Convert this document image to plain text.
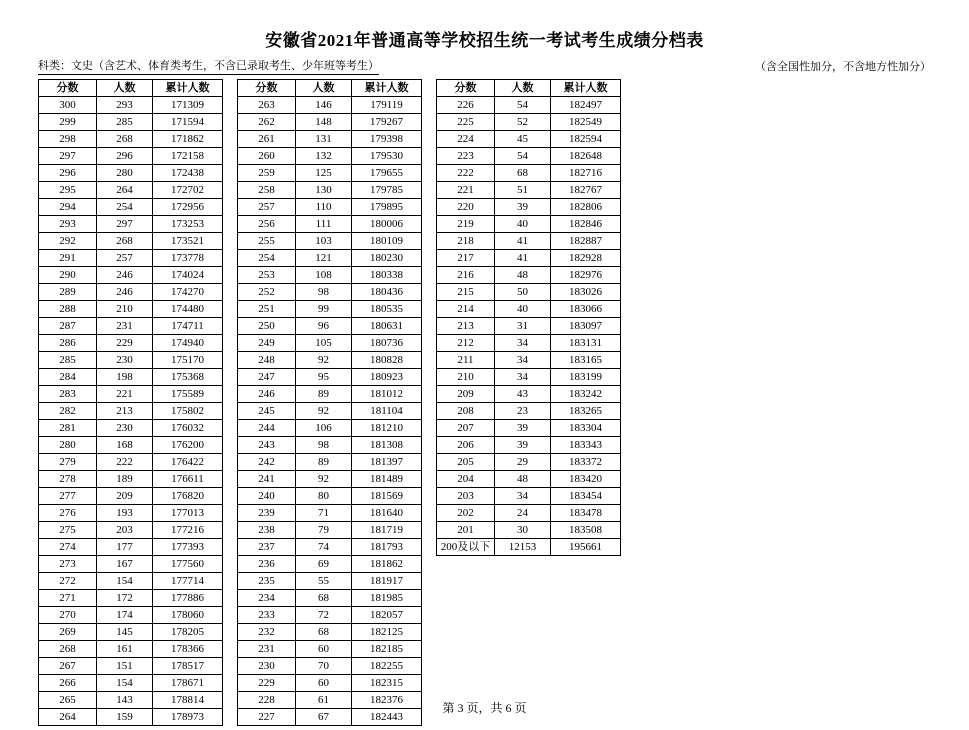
安徽省2021年普通高等学校招生统一考试考生成绩分档表
科类：文史（含艺术、体育类考生，不含已录取考生、少年班等考生）	（含全国性加分，不含地方性加分）
分数	人数	累计人数
300	293	171309
299	285	171594
298	268	171862
297	296	172158
296	280	172438
295	264	172702
294	254	172956
293	297	173253
292	268	173521
291	257	173778
290	246	174024
289	246	174270
288	210	174480
287	231	174711
286	229	174940
285	230	175170
284	198	175368
283	221	175589
282	213	175802
281	230	176032
280	168	176200
279	222	176422
278	189	176611
277	209	176820
276	193	177013
275	203	177216
274	177	177393
273	167	177560
272	154	177714
271	172	177886
270	174	178060
269	145	178205
268	161	178366
267	151	178517
266	154	178671
265	143	178814
264	159	178973
分数	人数	累计人数
263	146	179119
262	148	179267
261	131	179398
260	132	179530
259	125	179655
258	130	179785
257	110	179895
256	111	180006
255	103	180109
254	121	180230
253	108	180338
252	98	180436
251	99	180535
250	96	180631
249	105	180736
248	92	180828
247	95	180923
246	89	181012
245	92	181104
244	106	181210
243	98	181308
242	89	181397
241	92	181489
240	80	181569
239	71	181640
238	79	181719
237	74	181793
236	69	181862
235	55	181917
234	68	181985
233	72	182057
232	68	182125
231	60	182185
230	70	182255
229	60	182315
228	61	182376
227	67	182443
分数	人数	累计人数
226	54	182497
225	52	182549
224	45	182594
223	54	182648
222	68	182716
221	51	182767
220	39	182806
219	40	182846
218	41	182887
217	41	182928
216	48	182976
215	50	183026
214	40	183066
213	31	183097
212	34	183131
211	34	183165
210	34	183199
209	43	183242
208	23	183265
207	39	183304
206	39	183343
205	29	183372
204	48	183420
203	34	183454
202	24	183478
201	30	183508
200及以下	12153	195661
第 3 页，共 6 页
